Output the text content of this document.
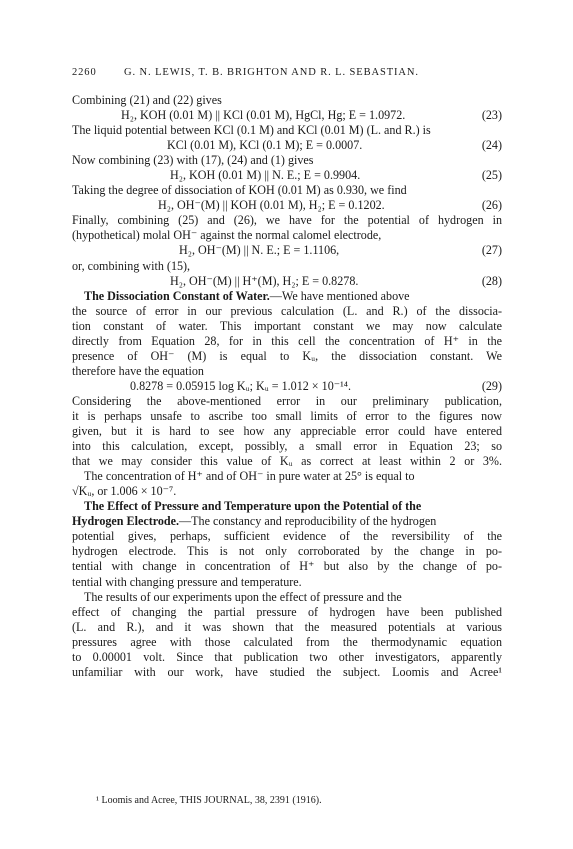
2260	G. N. LEWIS, T. B. BRIGHTON AND R. L. SEBASTIAN.
Combining (21) and (22) gives
H₂, KOH (0.01 M) || KCl (0.01 M), HgCl, Hg; E = 1.0972.	(23)
The liquid potential between KCl (0.1 M) and KCl (0.01 M) (L. and R.) is
KCl (0.01 M), KCl (0.1 M); E = 0.0007.	(24)
Now combining (23) with (17), (24) and (1) gives
H₂, KOH (0.01 M) || N. E.; E = 0.9904.	(25)
Taking the degree of dissociation of KOH (0.01 M) as 0.930, we find
H₂, OH⁻(M) || KOH (0.01 M), H₂; E = 0.1202.	(26)
Finally, combining (25) and (26), we have for the potential of hydrogen in
(hypothetical) molal OH⁻ against the normal calomel electrode,
H₂, OH⁻(M) || N. E.; E = 1.1106,	(27)
or, combining with (15),
H₂, OH⁻(M) || H⁺(M), H₂; E = 0.8278.	(28)
The Dissociation Constant of Water.—We have mentioned above
the source of error in our previous calculation (L. and R.) of the dissocia-
tion constant of water. This important constant we may now calculate
directly from Equation 28, for in this cell the concentration of H⁺ in the
presence of OH⁻ (M) is equal to Kᵤ, the dissociation constant. We
therefore have the equation
0.8278 = 0.05915 log Kᵤ; Kᵤ = 1.012 × 10⁻¹⁴.	(29)
Considering the above-mentioned error in our preliminary publication,
it is perhaps unsafe to ascribe too small limits of error to the figures now
given, but it is hard to see how any appreciable error could have entered
into this calculation, except, possibly, a small error in Equation 23; so
that we may consider this value of Kᵤ as correct at least within 2 or 3%.
The concentration of H⁺ and of OH⁻ in pure water at 25° is equal to
√Kᵤ, or 1.006 × 10⁻⁷.
The Effect of Pressure and Temperature upon the Potential of the
Hydrogen Electrode.—The constancy and reproducibility of the hydrogen
potential gives, perhaps, sufficient evidence of the reversibility of the
hydrogen electrode. This is not only corroborated by the change in po-
tential with change in concentration of H⁺ but also by the change of po-
tential with changing pressure and temperature.
The results of our experiments upon the effect of pressure and the
effect of changing the partial pressure of hydrogen have been published
(L. and R.), and it was shown that the measured potentials at various
pressures agree with those calculated from the thermodynamic equation
to 0.00001 volt. Since that publication two other investigators, apparently
unfamiliar with our work, have studied the subject. Loomis and Acree¹
¹ Loomis and Acree, THIS JOURNAL, 38, 2391 (1916).
